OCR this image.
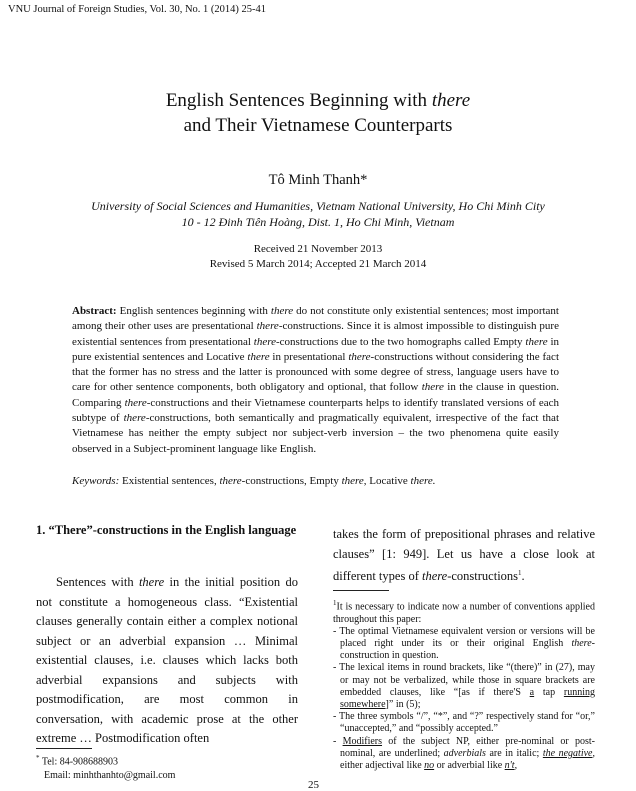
VNU Journal of Foreign Studies, Vol. 30, No. 1 (2014) 25-41
English Sentences Beginning with there
and Their Vietnamese Counterparts
Tô Minh Thanh*
University of Social Sciences and Humanities, Vietnam National University, Ho Chi Minh City
10 - 12 Đinh Tiên Hoàng, Dist. 1, Ho Chi Minh, Vietnam
Received 21 November 2013
Revised 5 March 2014; Accepted 21 March 2014
Abstract: English sentences beginning with there do not constitute only existential sentences; most important among their other uses are presentational there-constructions. Since it is almost impossible to distinguish pure existential sentences from presentational there-constructions due to the two homographs called Empty there in pure existential sentences and Locative there in presentational there-constructions without considering the fact that the former has no stress and the latter is pronounced with some degree of stress, language users have to care for other sentence components, both obligatory and optional, that follow there in the clause in question. Comparing there-constructions and their Vietnamese counterparts helps to identify translated versions of each subtype of there-constructions, both semantically and pragmatically equivalent, irrespective of the fact that Vietnamese has neither the empty subject nor subject-verb inversion – the two phenomena quite easily observed in a Subject-prominent language like English.
Keywords: Existential sentences, there-constructions, Empty there, Locative there.
1. “There”-constructions in the English language
Sentences with there in the initial position do not constitute a homogeneous class. “Existential clauses generally contain either a complex notional subject or an adverbial expansion … Minimal existential clauses, i.e. clauses which lacks both adverbial expansions and subjects with postmodification, are most common in conversation, with academic prose at the other extreme … Postmodification often
takes the form of prepositional phrases and relative clauses” [1: 949]. Let us have a close look at different types of there-constructions$^1$.

$^1$It is necessary to indicate now a number of conventions applied throughout this paper:

- The optimal Vietnamese equivalent version or versions will be placed right under its or their original English there-construction in question.

- The lexical items in round brackets, like “(there)” in (27), may or may not be verbalized, while those in square brackets are embedded clauses, like “[as if there'S a tap running somewhere]” in (5);

- The three symbols “/”, “*”, and “?” respectively stand for “or,” “unaccepted,” and “possibly accepted.”

- Modifiers of the subject NP, either pre-nominal or post-nominal, are underlined; adverbials are in italic; the negative, either adjectival like no or adverbial like n't,

* Tel: 84-908688903
Email: minhthanhto@gmail.com
25
